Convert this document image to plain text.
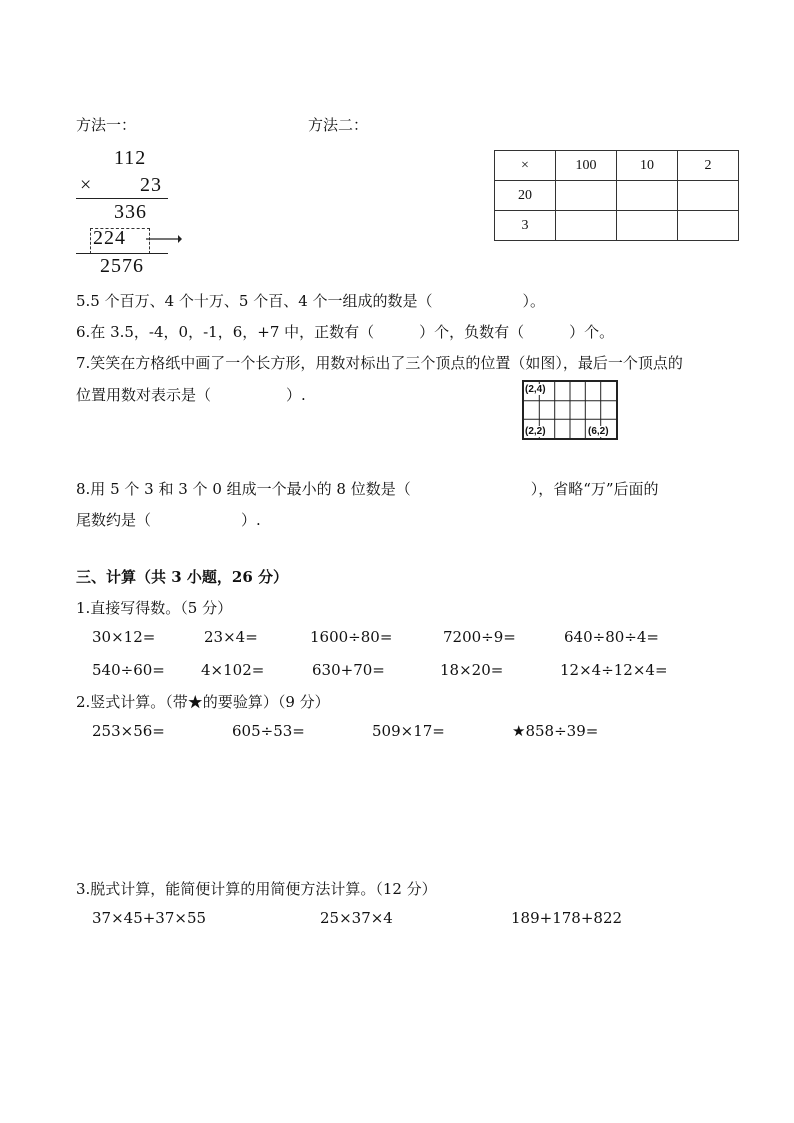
方法一：	方法二：
112
× 23
336
224
2576
×	100	10	2
20			
3			
5.5 个百万、4 个十万、5 个百、4 个一组成的数是（　　　　　　）。
6.在 3.5，-4，0，-1，6，+7 中，正数有（　　　）个，负数有（　　　）个。
7.笑笑在方格纸中画了一个长方形，用数对标出了三个顶点的位置（如图），最后一个顶点的
位置用数对表示是（　　　　　）.	(2,4)
(2,2)	(6,2)
8.用 5 个 3 和 3 个 0 组成一个最小的 8 位数是（　　　　　　　　），省略“万”后面的
尾数约是（　　　　　　）.
三、计算（共 3 小题，26 分）
1.直接写得数。（5 分）
30×12=	23×4=	1600÷80=	7200÷9=	640÷80÷4=
540÷60= 4×102=	630+70=	18×20=	12×4÷12×4=
2.竖式计算。（带★的要验算）（9 分）
253×56=	605÷53=	509×17=	★858÷39=
3.脱式计算，能简便计算的用简便方法计算。（12 分）
37×45+37×55	25×37×4	189+178+822
